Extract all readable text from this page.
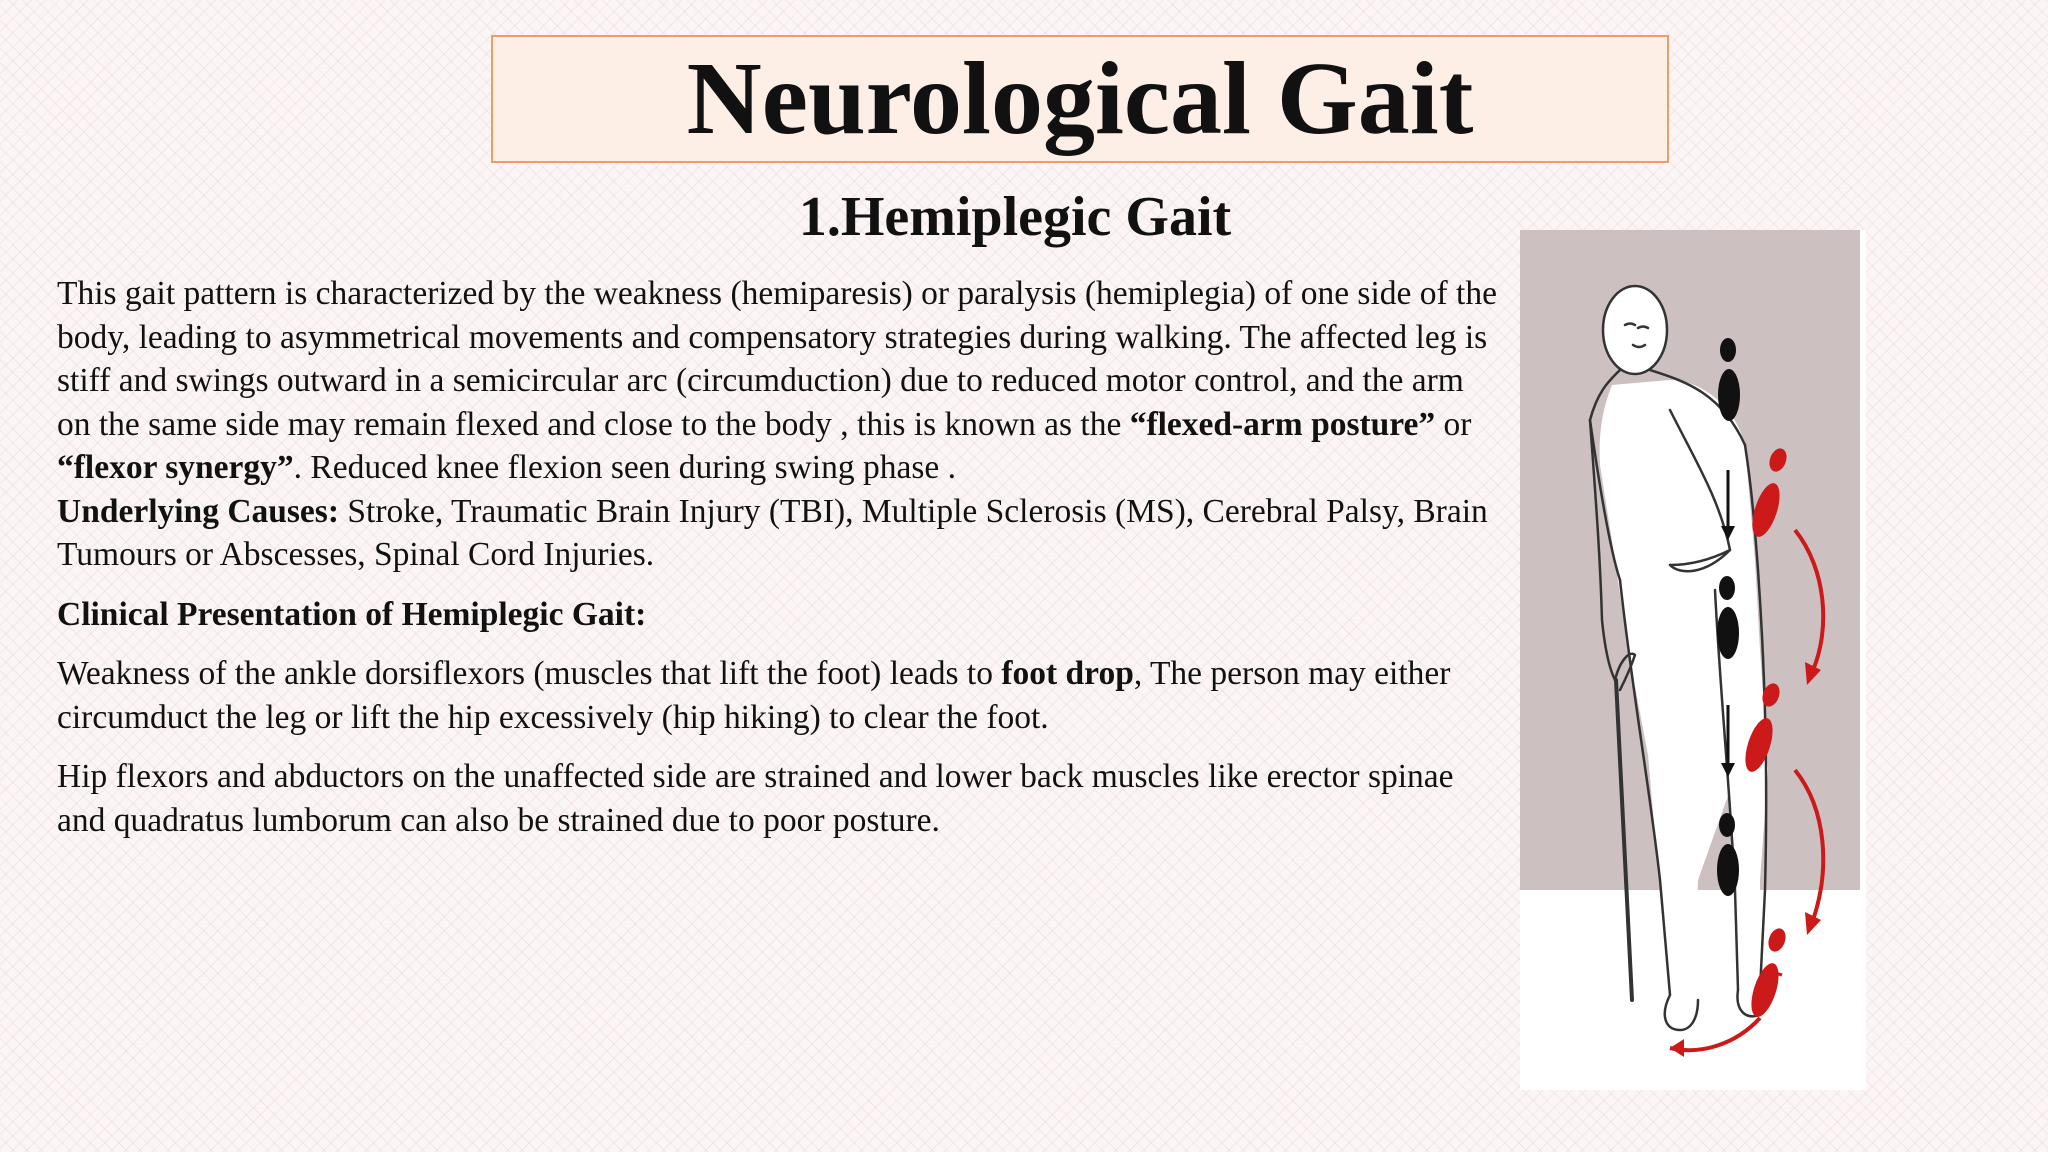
Neurological Gait
1.Hemiplegic Gait

This gait pattern is characterized by the weakness (hemiparesis) or paralysis (hemiplegia) of one side of the body, leading to asymmetrical movements and compensatory strategies during walking. The affected leg is stiff and swings outward in a semicircular arc (circumduction) due to reduced motor control, and the arm on the same side may remain flexed and close to the body , this is known as the “flexed-arm posture” or “flexor synergy”. Reduced knee flexion seen during swing phase .

Underlying Causes: Stroke, Traumatic Brain Injury (TBI), Multiple Sclerosis (MS), Cerebral Palsy, Brain Tumours or Abscesses, Spinal Cord Injuries.

Clinical Presentation of Hemiplegic Gait:

Weakness of the ankle dorsiflexors (muscles that lift the foot) leads to foot drop, The person may either circumduct the leg or lift the hip excessively (hip hiking) to clear the foot.

Hip flexors and abductors on the unaffected side are strained and lower back muscles like erector spinae and quadratus lumborum can also be strained due to poor posture.
